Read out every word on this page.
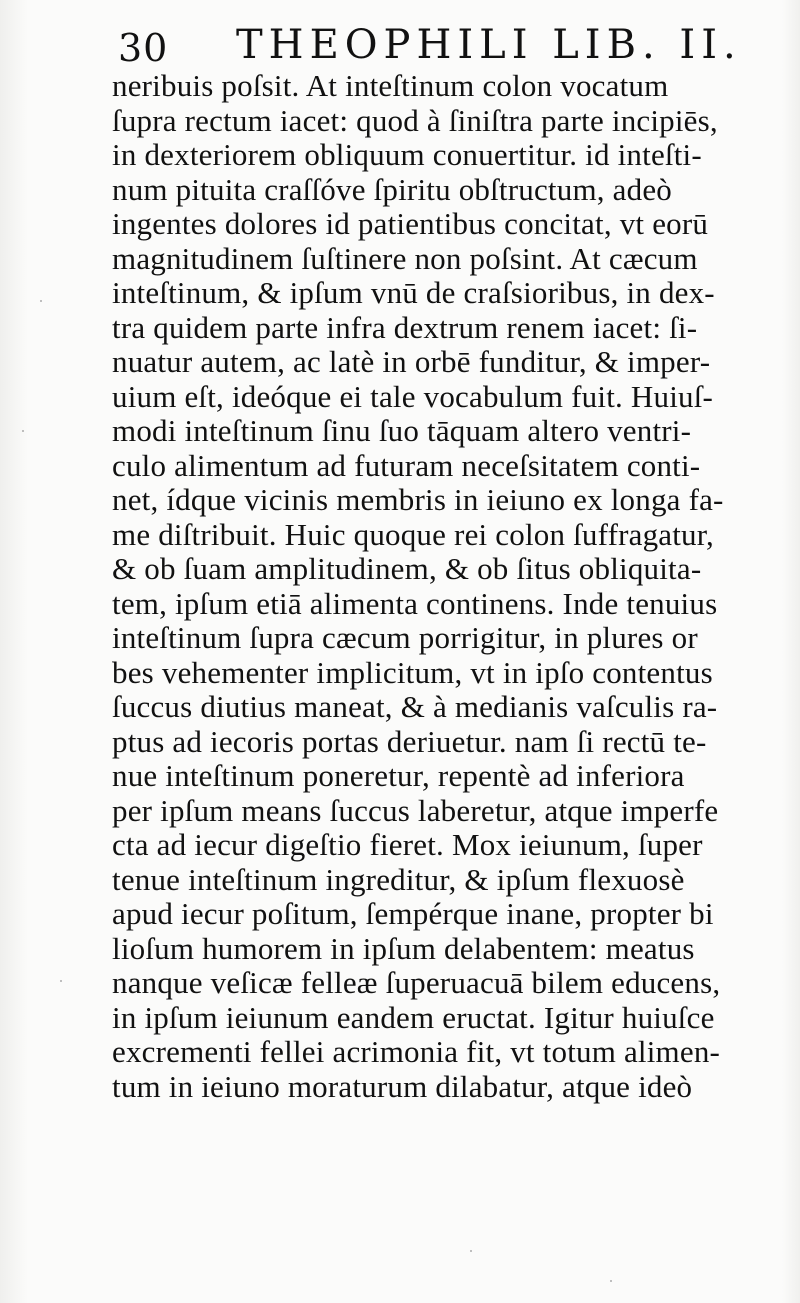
30 THEOPHILI LIB. II.
neribuis poſsit. At inteſtinum colon vocatum
ſupra rectum iacet: quod à ſiniſtra parte incipiēs,
in dexteriorem obliquum conuertitur. id inteſti-
num pituita craſſóve ſpiritu obſtructum, adeò
ingentes dolores id patientibus concitat, vt eorū
magnitudinem ſuſtinere non poſsint. At cæcum
inteſtinum, & ipſum vnū de craſsioribus, in dex-
tra quidem parte infra dextrum renem iacet: ſi-
nuatur autem, ac latè in orbē funditur, & imper-
uium eſt, ideóque ei tale vocabulum fuit. Huiuſ-
modi inteſtinum ſinu ſuo tāquam altero ventri-
culo alimentum ad futuram neceſsitatem conti-
net, ídque vicinis membris in ieiuno ex longa fa-
me diſtribuit. Huic quoque rei colon ſuffragatur,
& ob ſuam amplitudinem, & ob ſitus obliquita-
tem, ipſum etiā alimenta continens. Inde tenuius
inteſtinum ſupra cæcum porrigitur, in plures or
bes vehementer implicitum, vt in ipſo contentus
ſuccus diutius maneat, & à medianis vaſculis ra-
ptus ad iecoris portas deriuetur. nam ſi rectū te-
nue inteſtinum poneretur, repentè ad inferiora
per ipſum means ſuccus laberetur, atque imperfe
cta ad iecur digeſtio fieret. Mox ieiunum, ſuper
tenue inteſtinum ingreditur, & ipſum flexuosè
apud iecur poſitum, ſempérque inane, propter bi
lioſum humorem in ipſum delabentem: meatus
nanque veſicæ felleæ ſuperuacuā bilem educens,
in ipſum ieiunum eandem eructat. Igitur huiuſce
excrementi fellei acrimonia fit, vt totum alimen-
tum in ieiuno moraturum dilabatur, atque ideò
